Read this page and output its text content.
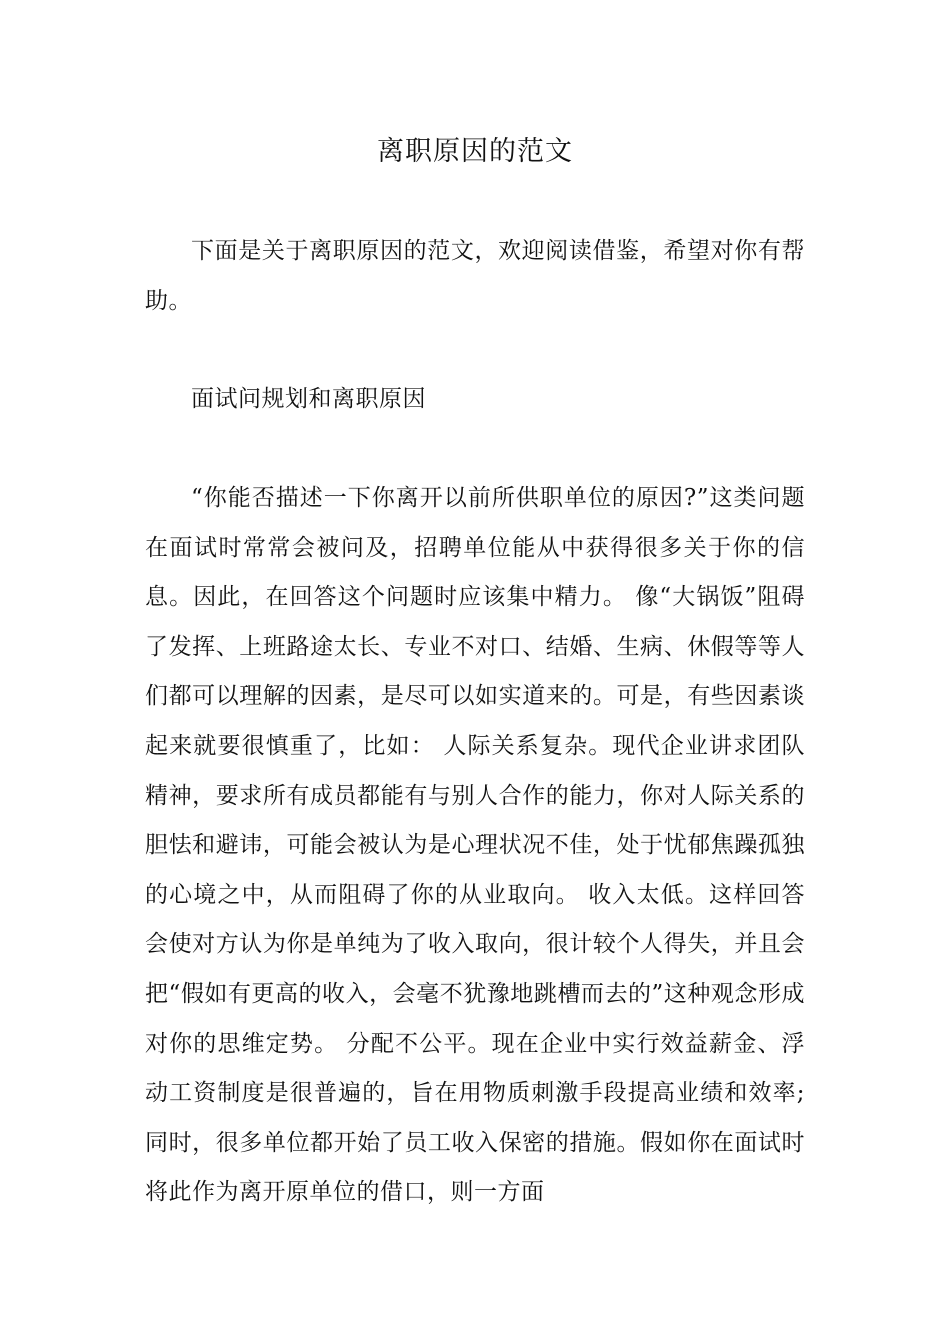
离职原因的范文

下面是关于离职原因的范文，欢迎阅读借鉴，希望对你有帮助。

面试问规划和离职原因

“你能否描述一下你离开以前所供职单位的原因?”这类问题在面试时常常会被问及，招聘单位能从中获得很多关于你的信息。因此，在回答这个问题时应该集中精力。 像“大锅饭”阻碍了发挥、上班路途太长、专业不对口、结婚、生病、休假等等人们都可以理解的因素，是尽可以如实道来的。可是，有些因素谈起来就要很慎重了，比如： 人际关系复杂。现代企业讲求团队精神，要求所有成员都能有与别人合作的能力，你对人际关系的胆怯和避讳，可能会被认为是心理状况不佳，处于忧郁焦躁孤独的心境之中，从而阻碍了你的从业取向。 收入太低。这样回答会使对方认为你是单纯为了收入取向，很计较个人得失，并且会把“假如有更高的收入，会毫不犹豫地跳槽而去的”这种观念形成对你的思维定势。 分配不公平。现在企业中实行效益薪金、浮动工资制度是很普遍的，旨在用物质刺激手段提高业绩和效率;同时，很多单位都开始了员工收入保密的措施。假如你在面试时将此作为离开原单位的借口，则一方面
